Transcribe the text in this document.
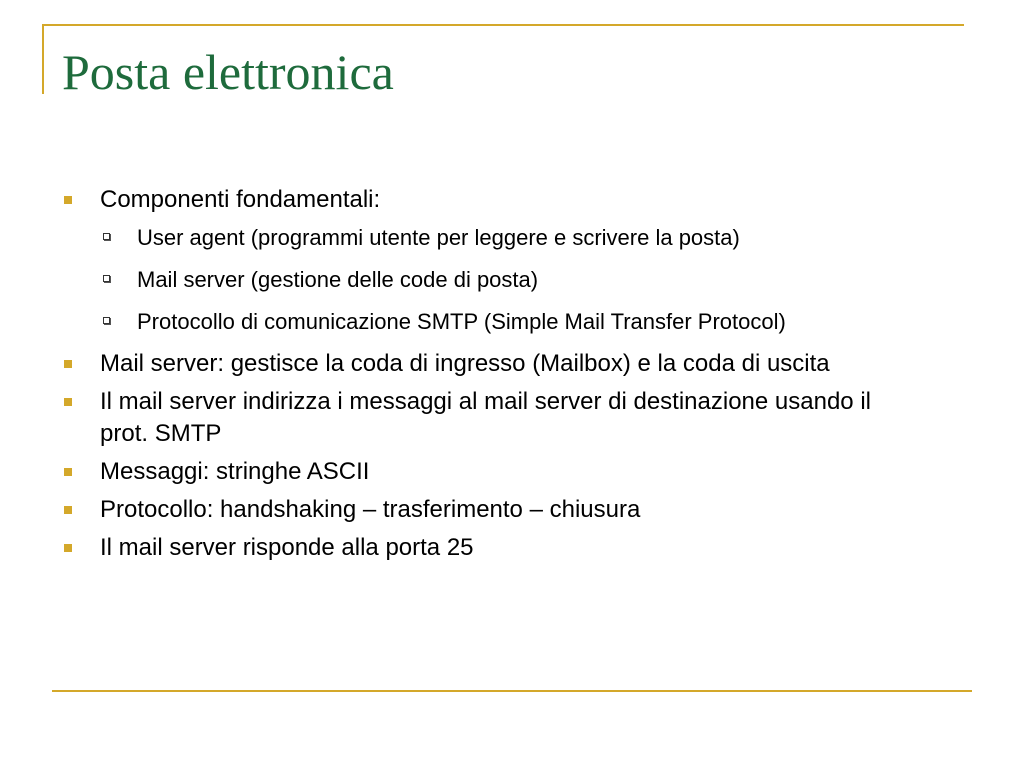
Posta elettronica
Componenti fondamentali:
User agent (programmi utente per leggere e scrivere la posta)
Mail server (gestione delle code di posta)
Protocollo di comunicazione SMTP (Simple Mail Transfer Protocol)
Mail server: gestisce la coda di ingresso (Mailbox) e la coda di uscita
Il mail server indirizza i messaggi al mail server di destinazione usando il prot. SMTP
Messaggi: stringhe ASCII
Protocollo: handshaking – trasferimento – chiusura
Il mail server risponde alla porta 25
